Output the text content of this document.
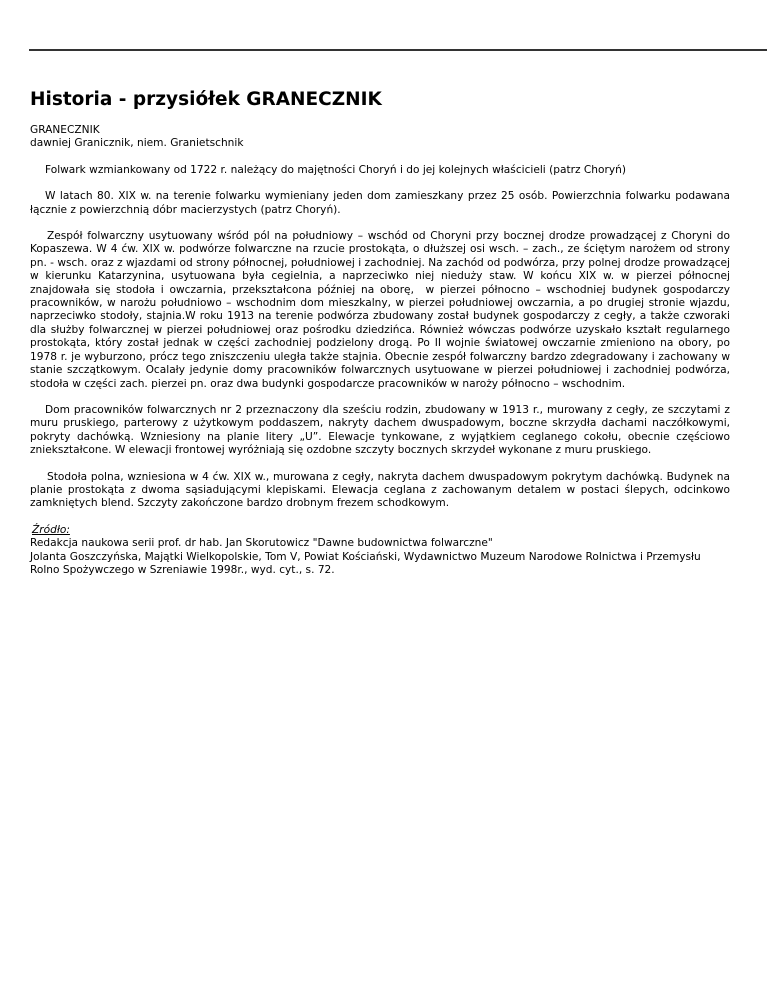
Historia - przysiółek GRANECZNIK
GRANECZNIK
dawniej Granicznik, niem. Granietschnik
Folwark wzmiankowany od 1722 r. należący do majętności Choryń i do jej kolejnych właścicieli (patrz Choryń)
W latach 80. XIX w. na terenie folwarku wymieniany jeden dom zamieszkany przez 25 osób. Powierzchnia folwarku podawana łącznie z powierzchnią dóbr macierzystych (patrz Choryń).
Zespół folwarczny usytuowany wśród pól na południowy – wschód od Choryni przy bocznej drodze prowadzącej z Choryni do Kopaszewa. W 4 ćw. XIX w. podwórze folwarczne na rzucie prostokąta, o dłuższej osi wsch. – zach., ze ściętym narożem od strony pn. - wsch. oraz z wjazdami od strony północnej, południowej i zachodniej. Na zachód od podwórza, przy polnej drodze prowadzącej w kierunku Katarzynina, usytuowana była cegielnia, a naprzeciwko niej nieduży staw. W końcu XIX w. w pierzei północnej znajdowała się stodoła i owczarnia, przekształcona później na oborę,  w pierzei północno – wschodniej budynek gospodarczy pracowników, w narożu południowo – wschodnim dom mieszkalny, w pierzei południowej owczarnia, a po drugiej stronie wjazdu, naprzeciwko stodoły, stajnia.W roku 1913 na terenie podwórza zbudowany został budynek gospodarczy z cegły, a także czworaki dla służby folwarcznej w pierzei południowej oraz pośrodku dziedzińca. Również wówczas podwórze uzyskało kształt regularnego prostokąta, który został jednak w części zachodniej podzielony drogą. Po II wojnie światowej owczarnie zmieniono na obory, po 1978 r. je wyburzono, prócz tego zniszczeniu uległa także stajnia. Obecnie zespół folwarczny bardzo zdegradowany i zachowany w stanie szczątkowym. Ocalały jedynie domy pracowników folwarcznych usytuowane w pierzei południowej i zachodniej podwórza, stodoła w części zach. pierzei pn. oraz dwa budynki gospodarcze pracowników w naroży północno – wschodnim.
Dom pracowników folwarcznych nr 2 przeznaczony dla sześciu rodzin, zbudowany w 1913 r., murowany z cegły, ze szczytami z muru pruskiego, parterowy z użytkowym poddaszem, nakryty dachem dwuspadowym, boczne skrzydła dachami naczółkowymi, pokryty dachówką. Wzniesiony na planie litery „U”. Elewacje tynkowane, z wyjątkiem ceglanego cokołu, obecnie częściowo zniekształcone. W elewacji frontowej wyróżniają się ozdobne szczyty bocznych skrzydeł wykonane z muru pruskiego.
Stodoła polna, wzniesiona w 4 ćw. XIX w., murowana z cegły, nakryta dachem dwuspadowym pokrytym dachówką. Budynek na planie prostokąta z dwoma sąsiadującymi klepiskami. Elewacja ceglana z zachowanym detalem w postaci ślepych, odcinkowo zamkniętych blend. Szczyty zakończone bardzo drobnym frezem schodkowym.
Źródło:
Redakcja naukowa serii prof. dr hab. Jan Skorutowicz "Dawne budownictwa folwarczne"
Jolanta Goszczyńska, Majątki Wielkopolskie, Tom V, Powiat Kościański, Wydawnictwo Muzeum Narodowe Rolnictwa i Przemysłu Rolno Spożywczego w Szreniawie 1998r., wyd. cyt., s. 72.
